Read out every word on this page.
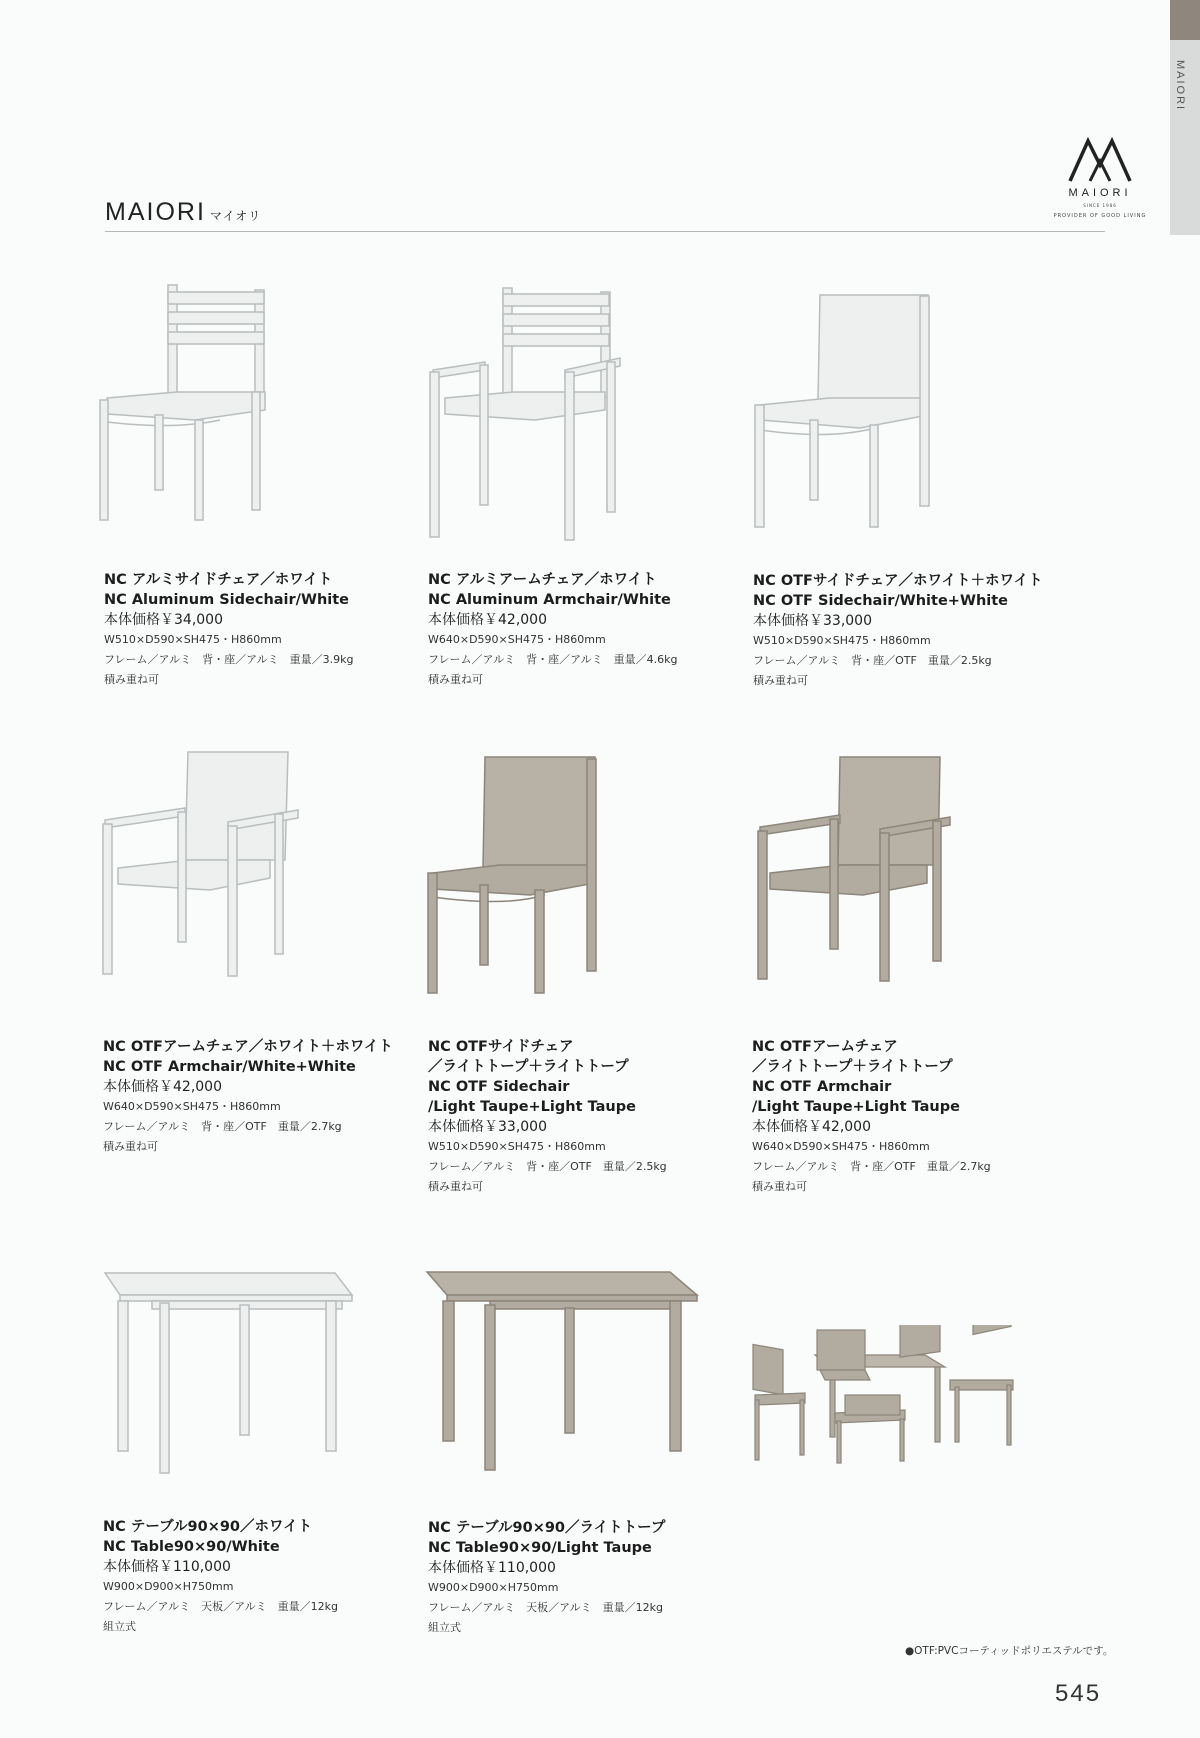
MAIORI
MAIORI
SINCE 1986
PROVIDER OF GOOD LIVING
MAIORI マイオリ
NC アルミサイドチェア／ホワイト
NC Aluminum Sidechair/White
本体価格￥34,000
W510×D590×SH475・H860mm
フレーム／アルミ　背・座／アルミ　重量／3.9kg
積み重ね可
NC アルミアームチェア／ホワイト
NC Aluminum Armchair/White
本体価格￥42,000
W640×D590×SH475・H860mm
フレーム／アルミ　背・座／アルミ　重量／4.6kg
積み重ね可
NC OTFサイドチェア／ホワイト＋ホワイト
NC OTF Sidechair/White+White
本体価格￥33,000
W510×D590×SH475・H860mm
フレーム／アルミ　背・座／OTF　重量／2.5kg
積み重ね可
NC OTFアームチェア／ホワイト＋ホワイト
NC OTF Armchair/White+White
本体価格￥42,000
W640×D590×SH475・H860mm
フレーム／アルミ　背・座／OTF　重量／2.7kg
積み重ね可
NC OTFサイドチェア
／ライトトープ＋ライトトープ
NC OTF Sidechair
/Light Taupe+Light Taupe
本体価格￥33,000
W510×D590×SH475・H860mm
フレーム／アルミ　背・座／OTF　重量／2.5kg
積み重ね可
NC OTFアームチェア
／ライトトープ＋ライトトープ
NC OTF Armchair
/Light Taupe+Light Taupe
本体価格￥42,000
W640×D590×SH475・H860mm
フレーム／アルミ　背・座／OTF　重量／2.7kg
積み重ね可
NC テーブル90×90／ホワイト
NC Table90×90/White
本体価格￥110,000
W900×D900×H750mm
フレーム／アルミ　天板／アルミ　重量／12kg
組立式
NC テーブル90×90／ライトトープ
NC Table90×90/Light Taupe
本体価格￥110,000
W900×D900×H750mm
フレーム／アルミ　天板／アルミ　重量／12kg
組立式
●OTF:PVCコーティッドポリエステルです。
545
